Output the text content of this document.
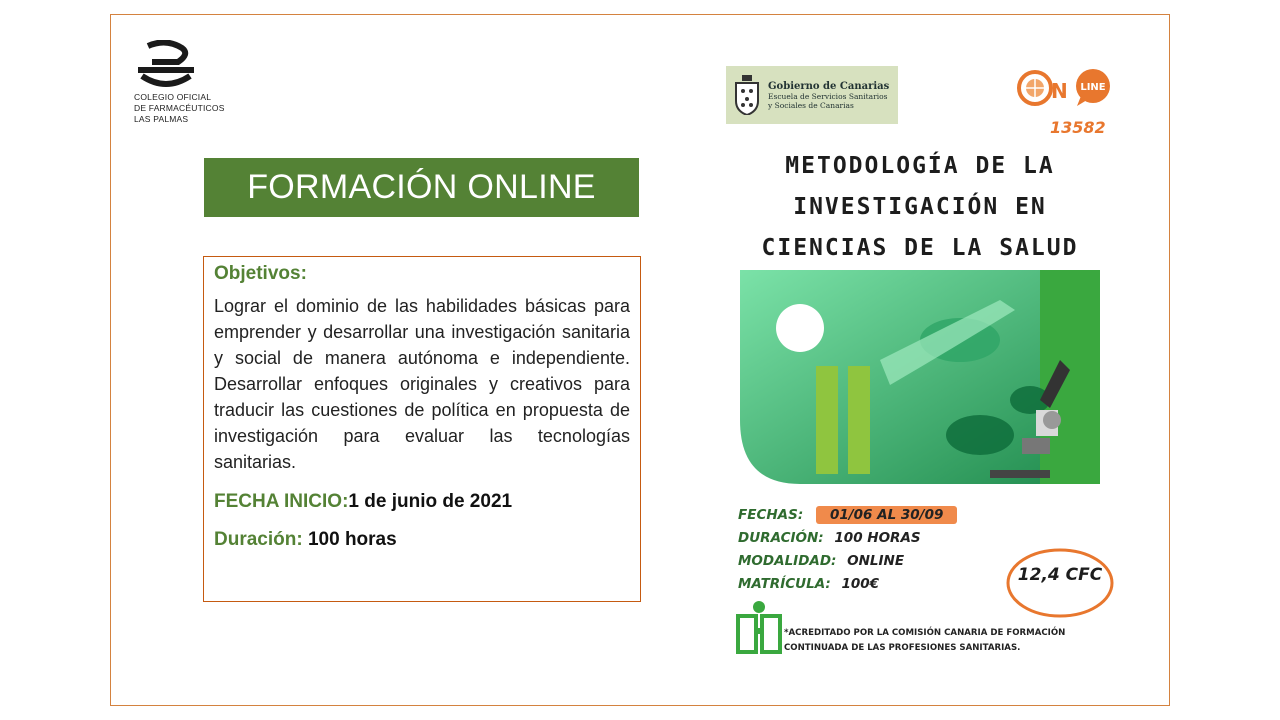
COLEGIO OFICIAL
DE FARMACÉUTICOS
LAS PALMAS
FORMACIÓN ONLINE

Objetivos:

Lograr el dominio de las habilidades básicas para emprender y desarrollar una investigación sanitaria y social de manera autónoma e independiente. Desarrollar enfoques originales y creativos para traducir las cuestiones de política en propuesta de investigación para evaluar las tecnologías sanitarias.

FECHA INICIO:1 de junio de 2021
Duración: 100 horas
Gobierno de Canarias
Escuela de Servicios Sanitarios
y Sociales de Canarias
N LINE
13582
METODOLOGÍA DE LA
INVESTIGACIÓN EN
CIENCIAS DE LA SALUD
FECHAS: 01/06 AL 30/09
DURACIÓN: 100 HORAS
MODALIDAD: ONLINE
MATRÍCULA: 100€	12,4 CFC
*ACREDITADO POR LA COMISIÓN CANARIA DE FORMACIÓN CONTINUADA DE LAS PROFESIONES SANITARIAS.
